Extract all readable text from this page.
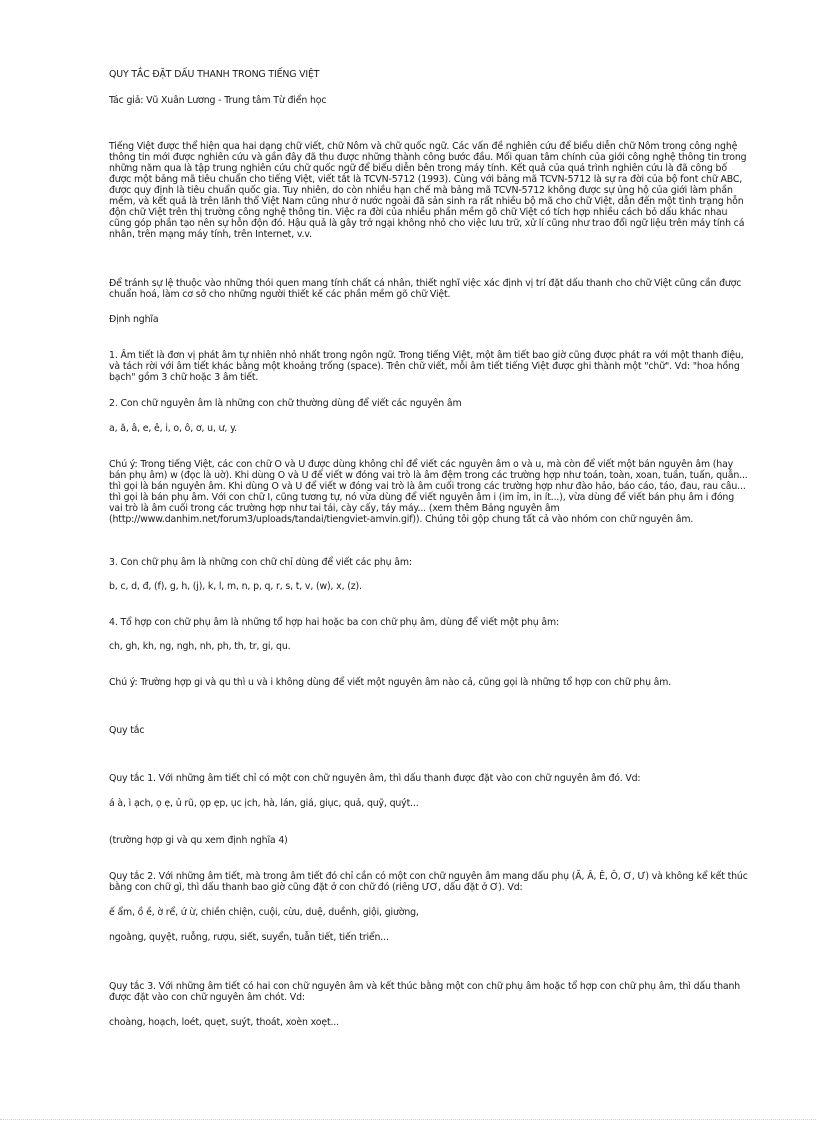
QUY TẮC ĐẶT DẤU THANH TRONG TIẾNG VIỆT
Tác giả: Vũ Xuân Lương - Trung tâm Từ điển học
Tiếng Việt được thể hiện qua hai dạng chữ viết, chữ Nôm và chữ quốc ngữ. Các vấn đề nghiên cứu để biểu diễn chữ Nôm trong công nghệ thông tin mới được nghiên cứu và gần đây đã thu được những thành công bước đầu. Mối quan tâm chính của giới công nghệ thông tin trong những năm qua là tập trung nghiên cứu chữ quốc ngữ để biểu diễn bên trong máy tính. Kết quả của quá trình nghiên cứu là đã công bố được một bảng mã tiêu chuẩn cho tiếng Việt, viết tắt là TCVN-5712 (1993). Cùng với bảng mã TCVN-5712 là sự ra đời của bộ font chữ ABC, được quy định là tiêu chuẩn quốc gia. Tuy nhiên, do còn nhiều hạn chế mà bảng mã TCVN-5712 không được sự ủng hộ của giới làm phần mềm, và kết quả là trên lãnh thổ Việt Nam cũng như ở nước ngoài đã sản sinh ra rất nhiều bộ mã cho chữ Việt, dẫn đến một tình trạng hỗn độn chữ Việt trên thị trường công nghệ thông tin. Việc ra đời của nhiều phần mềm gõ chữ Việt có tích hợp nhiều cách bỏ dấu khác nhau cũng góp phần tạo nên sự hỗn độn đó. Hậu quả là gây trở ngại không nhỏ cho việc lưu trữ, xử lí cũng như trao đổi ngữ liệu trên máy tính cá nhân, trên mạng máy tính, trên Internet, v.v.
Để tránh sự lệ thuộc vào những thói quen mang tính chất cá nhân, thiết nghĩ việc xác định vị trí đặt dấu thanh cho chữ Việt cũng cần được chuẩn hoá, làm cơ sở cho những người thiết kế các phần mềm gõ chữ Việt.
Định nghĩa
1. Âm tiết là đơn vị phát âm tự nhiên nhỏ nhất trong ngôn ngữ. Trong tiếng Việt, một âm tiết bao giờ cũng được phát ra với một thanh điệu, và tách rời với âm tiết khác bằng một khoảng trống (space). Trên chữ viết, mỗi âm tiết tiếng Việt được ghi thành một "chữ". Vd: "hoa hồng bạch" gồm 3 chữ hoặc 3 âm tiết.
2. Con chữ nguyên âm là những con chữ thường dùng để viết các nguyên âm
a, ă, â, e, ê, i, o, ô, ơ, u, ư, y.
Chú ý: Trong tiếng Việt, các con chữ O và U được dùng không chỉ để viết các nguyên âm o và u, mà còn để viết một bán nguyên âm (hay bán phụ âm) w (đọc là uờ). Khi dùng O và U để viết w đóng vai trò là âm đệm trong các trường hợp như toán, toàn, xoan, tuần, tuấn, quẫn... thì gọi là bán nguyên âm. Khi dùng O và U để viết w đóng vai trò là âm cuối trong các trường hợp như đào hảo, báo cáo, táo, đau, rau câu... thì gọi là bán phụ âm. Với con chữ I, cũng tương tự, nó vừa dùng để viết nguyên âm i (im ỉm, in ít...), vừa dùng để viết bán phụ âm i đóng vai trò là âm cuối trong các trường hợp như tai tái, cày cấy, táy máy... (xem thêm Bảng nguyên âm (http://www.danhim.net/forum3/uploads/tandai/tiengviet-amvin.gif)). Chúng tôi gộp chung tất cả vào nhóm con chữ nguyên âm.
3. Con chữ phụ âm là những con chữ chỉ dùng để viết các phụ âm:
b, c, d, đ, (f), g, h, (j), k, l, m, n, p, q, r, s, t, v, (w), x, (z).
4. Tổ hợp con chữ phụ âm là những tổ hợp hai hoặc ba con chữ phụ âm, dùng để viết một phụ âm:
ch, gh, kh, ng, ngh, nh, ph, th, tr, gi, qu.
Chú ý: Trường hợp gi và qu thì u và i không dùng để viết một nguyên âm nào cả, cũng gọi là những tổ hợp con chữ phụ âm.
Quy tắc
Quy tắc 1. Với những âm tiết chỉ có một con chữ nguyên âm, thì dấu thanh được đặt vào con chữ nguyên âm đó. Vd:
á à, ì ạch, ọ ẹ, ủ rũ, ọp ẹp, ục ịch, hà, lán, giá, giục, quả, quỹ, quýt...
(trường hợp gi và qu xem định nghĩa 4)
Quy tắc 2. Với những âm tiết, mà trong âm tiết đó chỉ cần có một con chữ nguyên âm mang dấu phụ (Ă, Â, Ê, Ô, Ơ, Ư) và không kể kết thúc bằng con chữ gì, thì dấu thanh bao giờ cũng đặt ở con chữ đó (riêng ƯƠ, dấu đặt ở Ơ). Vd:
ế ẩm, ồ ề, ờ rể, ứ ừ, chiền chiện, cuội, cừu, duệ, duềnh, giội, giường,
ngoằng, quyệt, ruỗng, rượu, siết, suyển, tuẫn tiết, tiến triển...
Quy tắc 3. Với những âm tiết có hai con chữ nguyên âm và kết thúc bằng một con chữ phụ âm hoặc tổ hợp con chữ phụ âm, thì dấu thanh được đặt vào con chữ nguyên âm chót. Vd:
choàng, hoạch, loét, quẹt, suýt, thoát, xoèn xoẹt...
